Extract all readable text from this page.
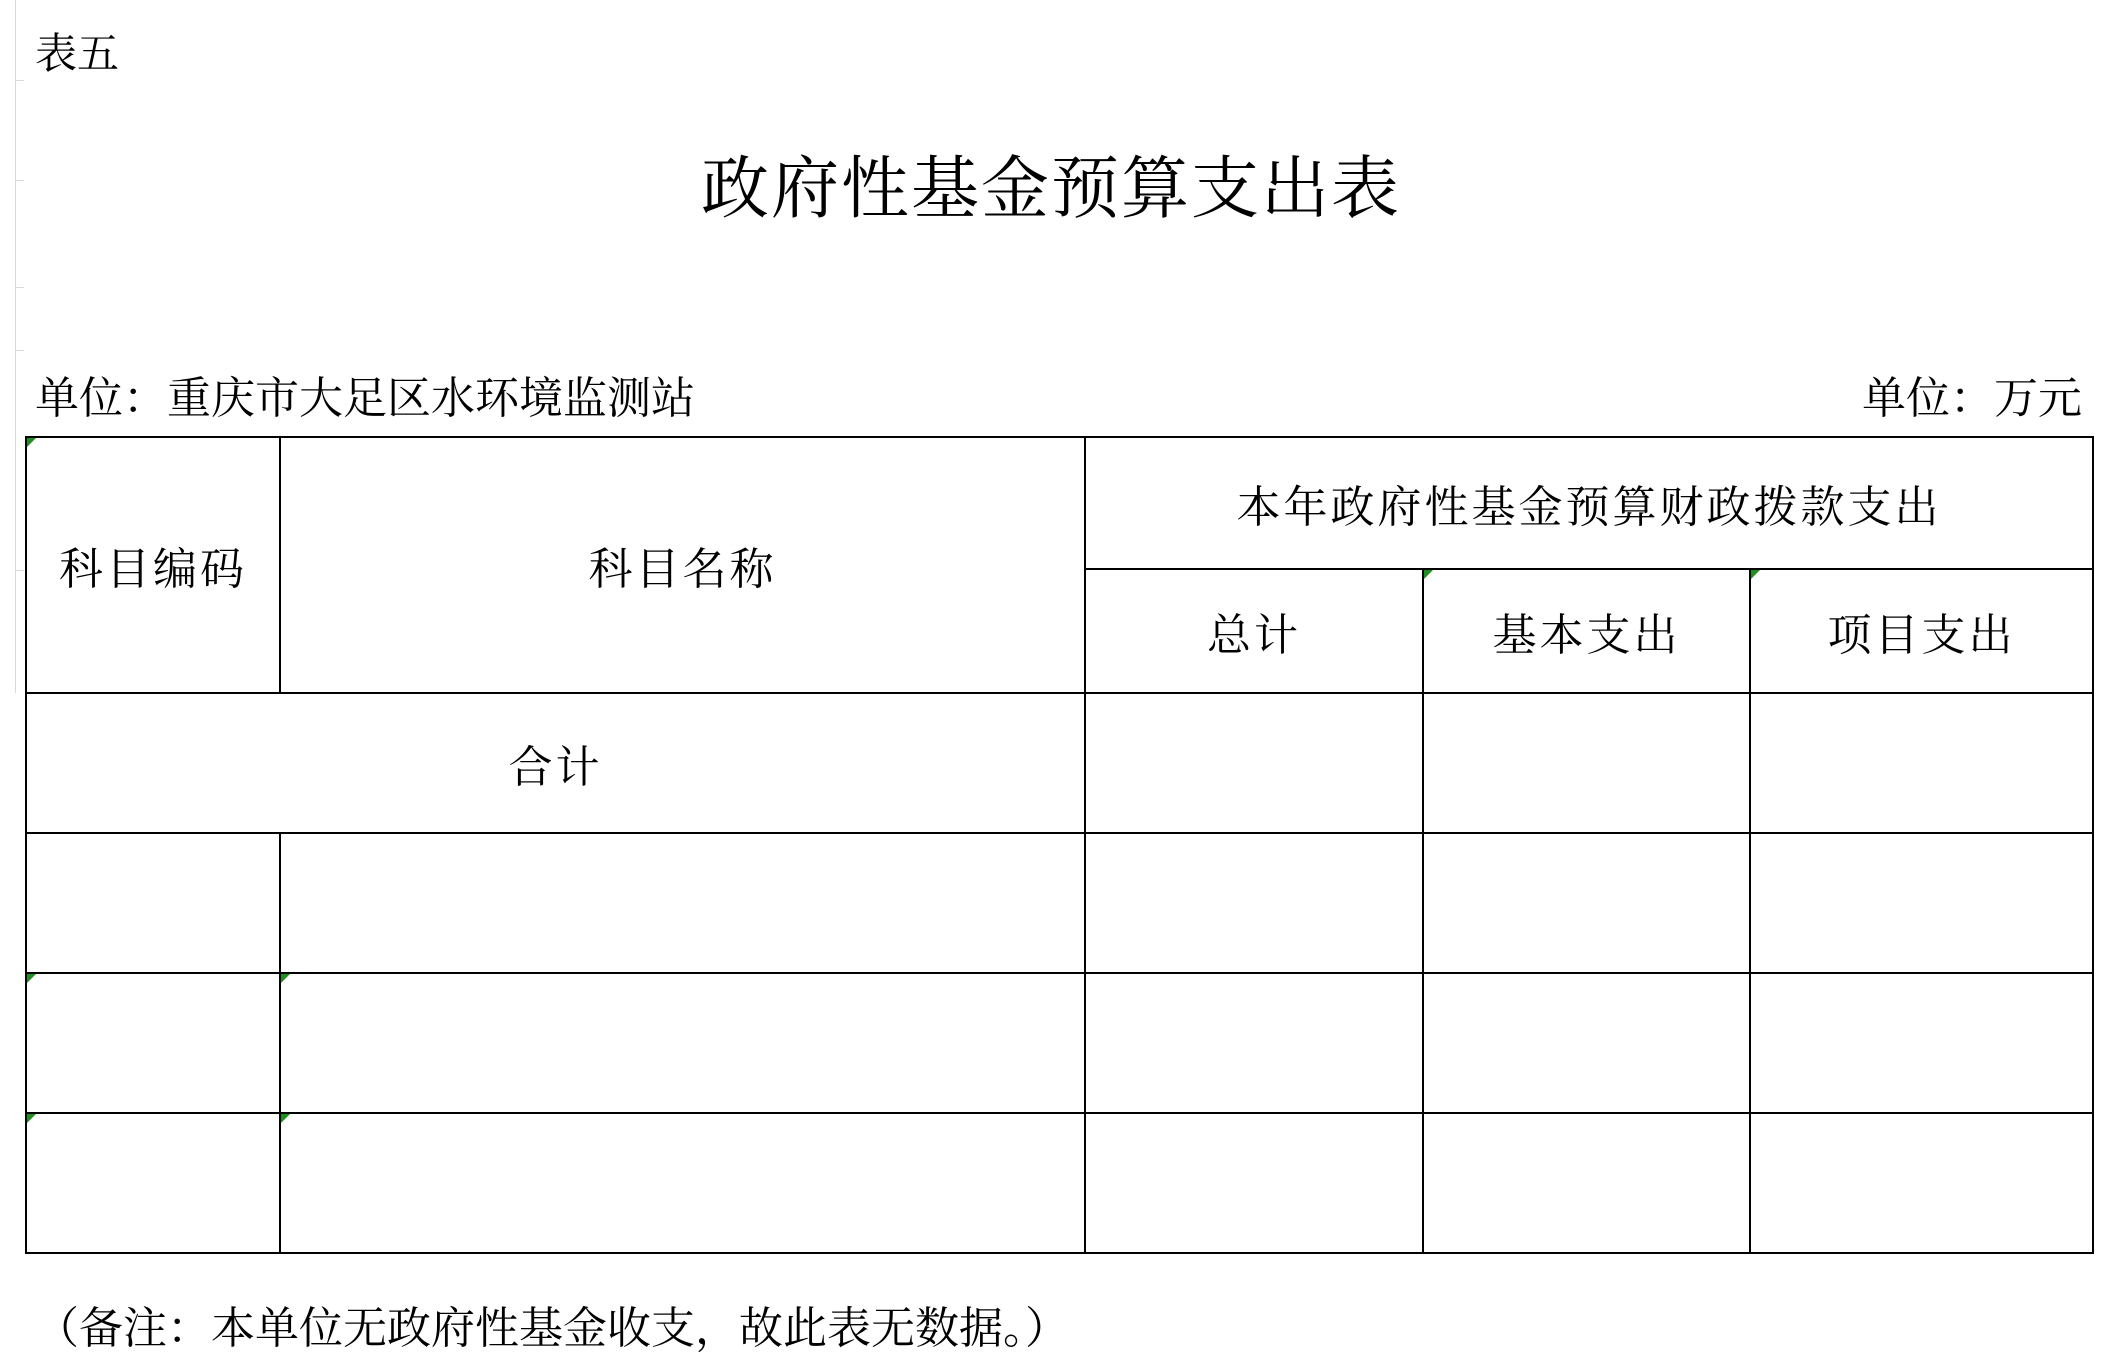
表五
政府性基金预算支出表
单位：重庆市大足区水环境监测站	单位：万元
科目编码	科目名称	本年政府性基金预算财政拨款支出		
		总计	基本支出	项目支出
合计				

（备注：本单位无政府性基金收支，故此表无数据。）
